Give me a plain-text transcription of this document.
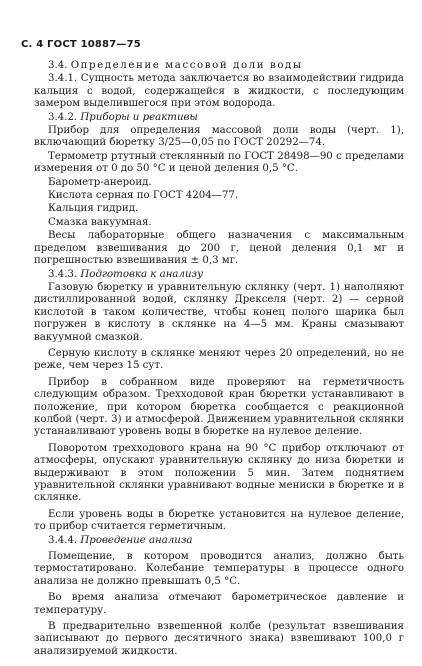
С. 4 ГОСТ 10887—75

3.4. Определение массовой доли воды

3.4.1. Сущность метода заключается во взаимодействии гидрида кальция с водой, содержащейся в жидкости, с последующим замером выделившегося при этом водорода.

3.4.2. Приборы и реактивы

Прибор для определения массовой доли воды (черт. 1), включающий бюретку 3/25—0,05 по ГОСТ 20292—74.

Термометр ртутный стеклянный по ГОСТ 28498—90 с пределами измерения от 0 до 50 °С и ценой деления 0,5 °С.

Барометр-анероид.

Кислота серная по ГОСТ 4204—77.

Кальция гидрид.

Смазка вакуумная.

Весы лабораторные общего назначения с максимальным пределом взвешивания до 200 г, ценой деления 0,1 мг и погрешностью взвешивания ± 0,3 мг.

3.4.3. Подготовка к анализу

Газовую бюретку и уравнительную склянку (черт. 1) наполняют дистиллированной водой, склянку Дрекселя (черт. 2) — серной кислотой в таком количестве, чтобы конец полого шарика был погружен в кислоту в склянке на 4—5 мм. Краны смазывают вакуумной смазкой.

Серную кислоту в склянке меняют через 20 определений, но не реже, чем через 15 сут.

Прибор в собранном виде проверяют на герметичность следующим образом. Трехходовой кран бюретки устанавливают в положение, при котором бюретка сообщается с реакционной колбой (черт. 3) и атмосферой. Движением уравнительной склянки устанавливают уровень воды в бюретке на нулевое деление.

Поворотом трехходового крана на 90 °С прибор отключают от атмосферы, опускают уравнительную склянку до низа бюретки и выдерживают в этом положении 5 мин. Затем поднятием уравнительной склянки уравнивают водные мениски в бюретке и в склянке.

Если уровень воды в бюретке установится на нулевое деление, то прибор считается герметичным.

3.4.4. Проведение анализа

Помещение, в котором проводится анализ, должно быть термостатировано. Колебание температуры в процессе одного анализа не должно превышать 0,5 °С.

Во время анализа отмечают барометрическое давление и температуру.

В предварительно взвешенной колбе (результат взвешивания записывают до первого десятичного знака) взвешивают 100,0 г анализируемой жидкости.
